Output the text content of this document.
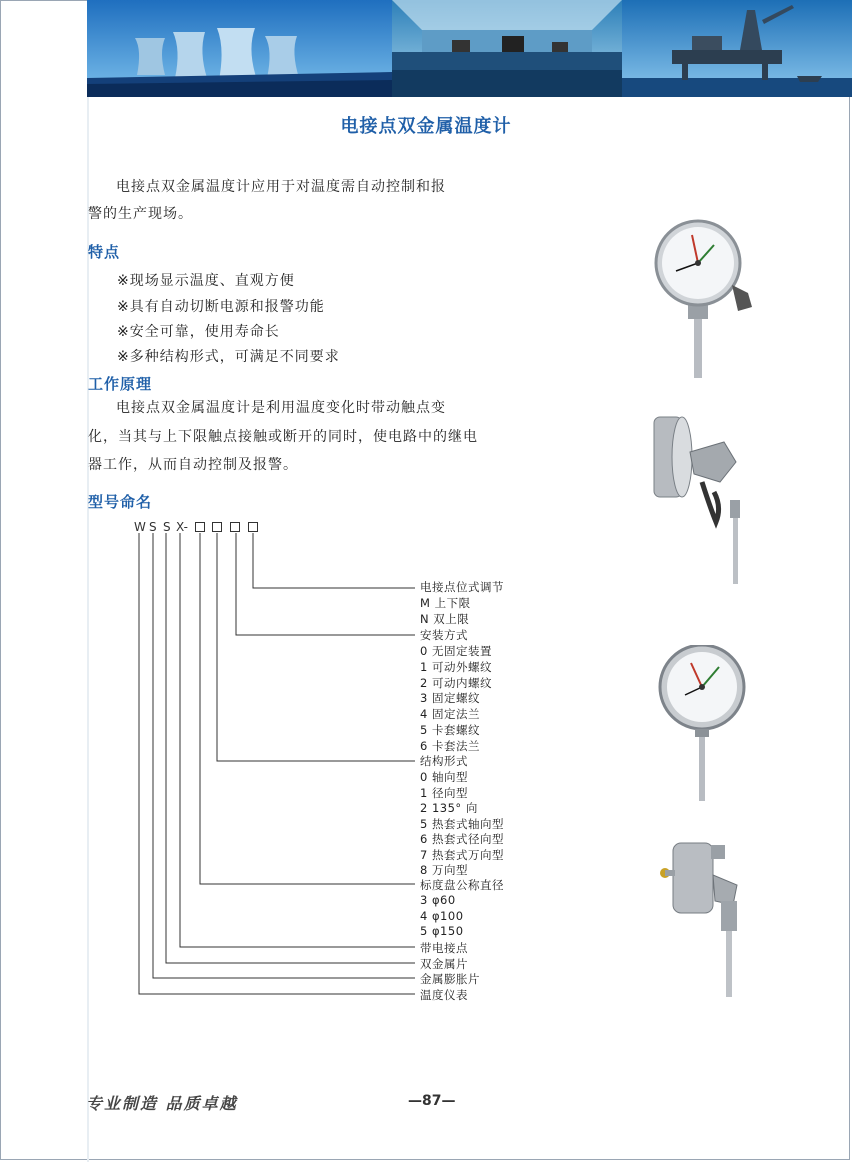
电接点双金属温度计
电接点双金属温度计应用于对温度需自动控制和报
警的生产现场。
特点
※现场显示温度、直观方便
※具有自动切断电源和报警功能
※安全可靠，使用寿命长
※多种结构形式，可满足不同要求
工作原理
电接点双金属温度计是利用温度变化时带动触点变
化，当其与上下限触点接触或断开的同时，使电路中的继电
器工作，从而自动控制及报警。
型号命名
W S S X-
电接点位式调节
M 上下限
N 双上限
安装方式
0 无固定装置
1 可动外螺纹
2 可动内螺纹
3 固定螺纹
4 固定法兰
5 卡套螺纹
6 卡套法兰
结构形式
0 轴向型
1 径向型
2 135° 向
5 热套式轴向型
6 热套式径向型
7 热套式万向型
8 万向型
标度盘公称直径
3 φ60
4 φ100
5 φ150
带电接点
双金属片
金属膨胀片
温度仪表
专业制造 品质卓越	—87—
